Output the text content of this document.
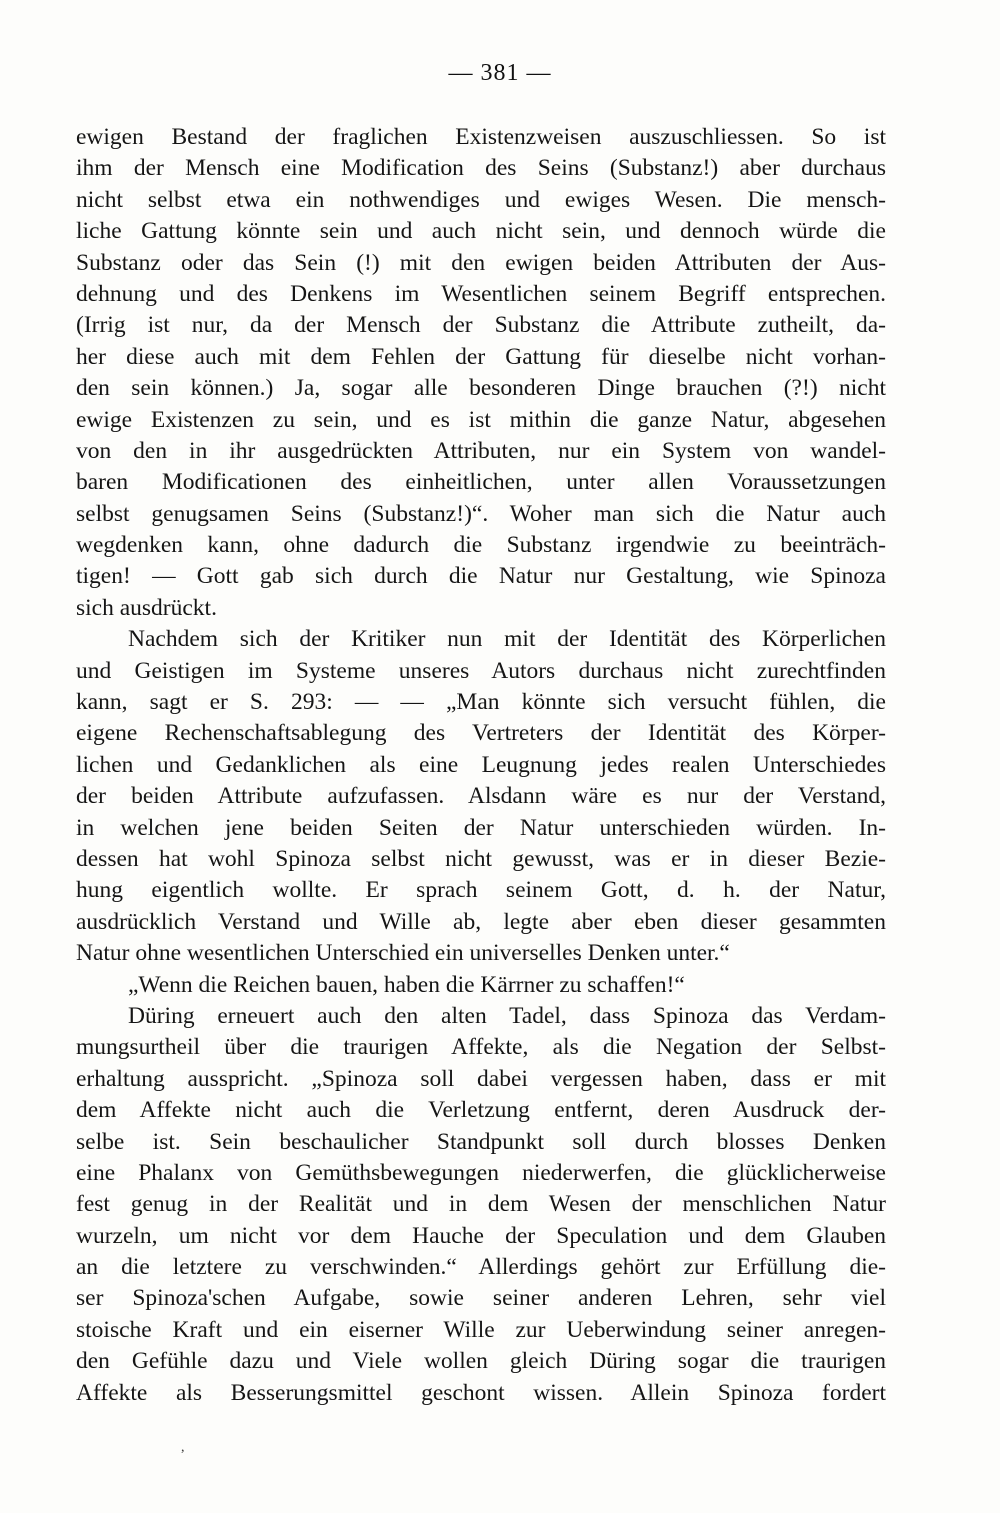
— 381 —
ewigen Bestand der fraglichen Existenzweisen auszuschliessen. So ist
ihm der Mensch eine Modification des Seins (Substanz!) aber durchaus
nicht selbst etwa ein nothwendiges und ewiges Wesen. Die mensch-
liche Gattung könnte sein und auch nicht sein, und dennoch würde die
Substanz oder das Sein (!) mit den ewigen beiden Attributen der Aus-
dehnung und des Denkens im Wesentlichen seinem Begriff entsprechen.
(Irrig ist nur, da der Mensch der Substanz die Attribute zutheilt, da-
her diese auch mit dem Fehlen der Gattung für dieselbe nicht vorhan-
den sein können.) Ja, sogar alle besonderen Dinge brauchen (?!) nicht
ewige Existenzen zu sein, und es ist mithin die ganze Natur, abgesehen
von den in ihr ausgedrückten Attributen, nur ein System von wandel-
baren Modificationen des einheitlichen, unter allen Voraussetzungen
selbst genugsamen Seins (Substanz!)“. Woher man sich die Natur auch
wegdenken kann, ohne dadurch die Substanz irgendwie zu beeinträch-
tigen! — Gott gab sich durch die Natur nur Gestaltung, wie Spinoza
sich ausdrückt.
Nachdem sich der Kritiker nun mit der Identität des Körperlichen
und Geistigen im Systeme unseres Autors durchaus nicht zurechtfinden
kann, sagt er S. 293: — — „Man könnte sich versucht fühlen, die
eigene Rechenschaftsablegung des Vertreters der Identität des Körper-
lichen und Gedanklichen als eine Leugnung jedes realen Unterschiedes
der beiden Attribute aufzufassen. Alsdann wäre es nur der Verstand,
in welchen jene beiden Seiten der Natur unterschieden würden. In-
dessen hat wohl Spinoza selbst nicht gewusst, was er in dieser Bezie-
hung eigentlich wollte. Er sprach seinem Gott, d. h. der Natur,
ausdrücklich Verstand und Wille ab, legte aber eben dieser gesammten
Natur ohne wesentlichen Unterschied ein universelles Denken unter.“
„Wenn die Reichen bauen, haben die Kärrner zu schaffen!“
Düring erneuert auch den alten Tadel, dass Spinoza das Verdam-
mungsurtheil über die traurigen Affekte, als die Negation der Selbst-
erhaltung ausspricht. „Spinoza soll dabei vergessen haben, dass er mit
dem Affekte nicht auch die Verletzung entfernt, deren Ausdruck der-
selbe ist. Sein beschaulicher Standpunkt soll durch blosses Denken
eine Phalanx von Gemüthsbewegungen niederwerfen, die glücklicherweise
fest genug in der Realität und in dem Wesen der menschlichen Natur
wurzeln, um nicht vor dem Hauche der Speculation und dem Glauben
an die letztere zu verschwinden.“ Allerdings gehört zur Erfüllung die-
ser Spinoza'schen Aufgabe, sowie seiner anderen Lehren, sehr viel
stoische Kraft und ein eiserner Wille zur Ueberwindung seiner anregen-
den Gefühle dazu und Viele wollen gleich Düring sogar die traurigen
Affekte als Besserungsmittel geschont wissen. Allein Spinoza fordert
,
